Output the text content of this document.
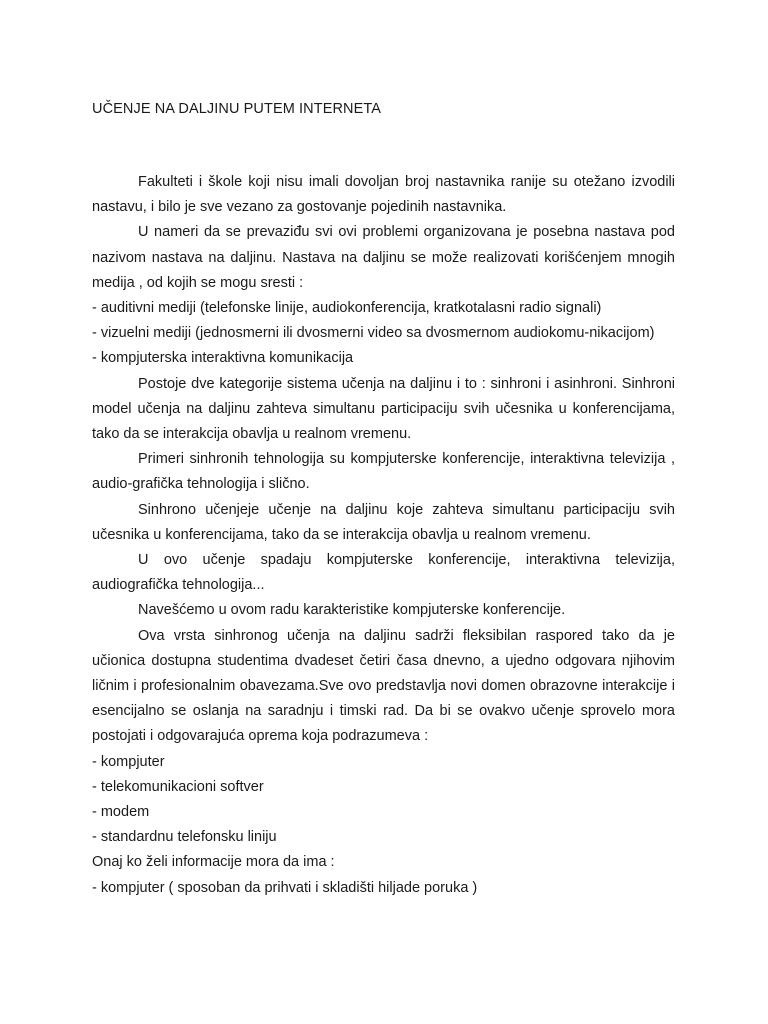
UČENJE NA DALJINU PUTEM INTERNETA

Fakulteti i škole koji nisu imali dovoljan broj nastavnika ranije su otežano izvodili nastavu, i bilo je sve vezano za gostovanje pojedinih nastavnika.

U nameri da se prevaziđu svi ovi problemi organizovana je posebna nastava pod nazivom nastava na daljinu. Nastava na daljinu se može realizovati korišćenjem mnogih medija , od kojih se mogu sresti :

- auditivni mediji (telefonske linije, audiokonferencija, kratkotalasni radio signali)

- vizuelni mediji (jednosmerni ili dvosmerni video sa dvosmernom audiokomu-nikacijom)

- kompjuterska interaktivna komunikacija

Postoje dve kategorije sistema učenja na daljinu i to : sinhroni i asinhroni. Sinhroni model učenja na daljinu zahteva simultanu participaciju svih učesnika u konferencijama, tako da se interakcija obavlja u realnom vremenu.

Primeri sinhronih tehnologija su kompjuterske konferencije, interaktivna televizija , audio-grafička tehnologija i slično.

Sinhrono učenjeje učenje na daljinu koje zahteva simultanu participaciju svih učesnika u konferencijama, tako da se interakcija obavlja u realnom vremenu.

U ovo učenje spadaju kompjuterske konferencije, interaktivna televizija, audiografička tehnologija...

Navešćemo u ovom radu karakteristike kompjuterske konferencije.

Ova vrsta sinhronog učenja na daljinu sadrži fleksibilan raspored tako da je učionica dostupna studentima dvadeset četiri časa dnevno, a ujedno odgovara njihovim ličnim i profesionalnim obavezama.Sve ovo predstavlja novi domen obrazovne interakcije i esencijalno se oslanja na saradnju i timski rad. Da bi se ovakvo učenje sprovelo mora postojati i odgovarajuća oprema koja podrazumeva :

- kompjuter

- telekomunikacioni softver

- modem

- standardnu telefonsku liniju

Onaj ko želi informacije mora da ima :

- kompjuter ( sposoban da prihvati i skladišti hiljade poruka )
